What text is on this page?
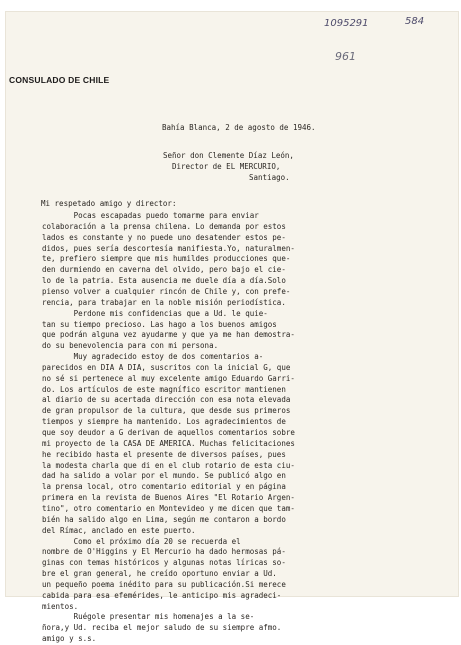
1095291	584
961
CONSULADO DE CHILE
Bahía Blanca, 2 de agosto de 1946.
Señor don Clemente Díaz León,
Director de EL MERCURIO,
Santiago.
Mi respetado amigo y director:
Pocas escapadas puedo tomarme para enviar
colaboración a la prensa chilena. Lo demanda por estos
lados es constante y no puede uno desatender estos pe-
didos, pues sería descortesía manifiesta.Yo, naturalmen-
te, prefiero siempre que mis humildes producciones que-
den durmiendo en caverna del olvido, pero bajo el cie-
lo de la patria. Esta ausencia me duele día a día.Solo
pienso volver a cualquier rincón de Chile y, con prefe-
rencia, para trabajar en la noble misión periodística.
Perdone mis confidencias que a Ud. le quie-
tan su tiempo precioso. Las hago a los buenos amigos
que podrán alguna vez ayudarme y que ya me han demostra-
do su benevolencia para con mi persona.
Muy agradecido estoy de dos comentarios a-
parecidos en DIA A DIA, suscritos con la inicial G, que
no sé si pertenece al muy excelente amigo Eduardo Garri-
do. Los artículos de este magnífico escritor mantienen
al diario de su acertada dirección con esa nota elevada
de gran propulsor de la cultura, que desde sus primeros
tiempos y siempre ha mantenido. Los agradecimientos de
que soy deudor a G derivan de aquellos comentarios sobre
mi proyecto de la CASA DE AMERICA. Muchas felicitaciones
he recibido hasta el presente de diversos países, pues
la modesta charla que di en el club rotario de esta ciu-
dad ha salido a volar por el mundo. Se publicó algo en
la prensa local, otro comentario editorial y en página
primera en la revista de Buenos Aires "El Rotario Argen-
tino", otro comentario en Montevideo y me dicen que tam-
bién ha salido algo en Lima, según me contaron a bordo
del Rímac, anclado en este puerto.
Como el próximo día 20 se recuerda el
nombre de O'Higgins y El Mercurio ha dado hermosas pá-
ginas con temas históricos y algunas notas líricas so-
bre el gran general, he creído oportuno enviar a Ud.
un pequeño poema inédito para su publicación.Si merece
cabida para esa efemérides, le anticipo mis agradeci-
mientos.
Ruégole presentar mis homenajes a la se-
ñora,y Ud. reciba el mejor saludo de su siempre afmo.
amigo y s.s.
